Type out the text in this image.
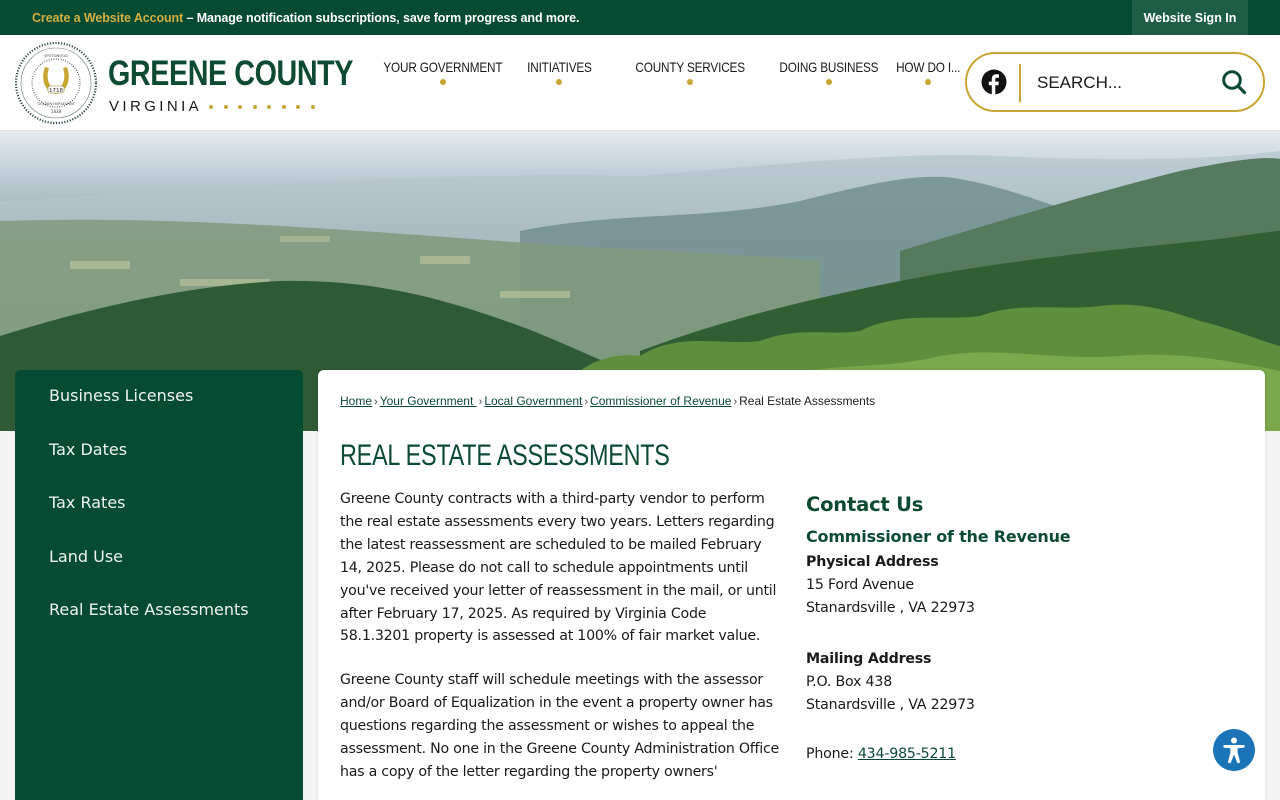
Create a Website Account – Manage notification subscriptions, save form progress and more.	Website Sign In
1718
1838
SPOTSWOOD
GOLDEN HORSESHOE
GREENE COUNTY
VIRGINIA
YOUR GOVERNMENT INITIATIVES	COUNTY SERVICES DOING BUSINESS HOW DO I...
SEARCH...
Business Licenses
Tax Dates
Tax Rates
Land Use
Real Estate Assessments
Home › Your Government › Local Government › Commissioner of Revenue › Real Estate Assessments
REAL ESTATE ASSESSMENTS

Greene County contracts with a third-party vendor to perform the real estate assessments every two years. Letters regarding the latest reassessment are scheduled to be mailed February 14, 2025. Please do not call to schedule appointments until you've received your letter of reassessment in the mail, or until after February 17, 2025. As required by Virginia Code 58.1.3201 property is assessed at 100% of fair market value.

Greene County staff will schedule meetings with the assessor and/or Board of Equalization in the event a property owner has questions regarding the assessment or wishes to appeal the assessment. No one in the Greene County Administration Office has a copy of the letter regarding the property owners'

Contact Us
Commissioner of the Revenue
Physical Address
15 Ford Avenue
Stanardsville , VA 22973
Mailing Address
P.O. Box 438
Stanardsville , VA 22973
Phone: 434-985-5211
